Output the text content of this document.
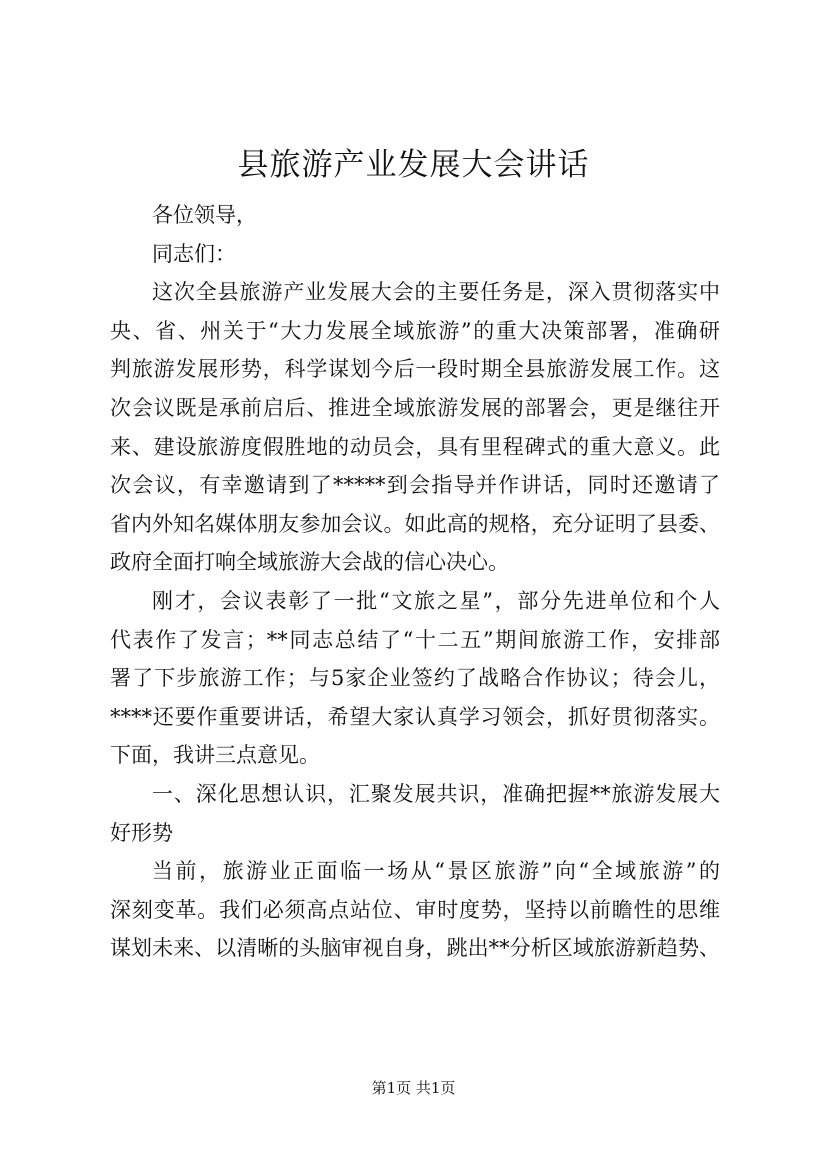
县旅游产业发展大会讲话
各位领导，
同志们：
这次全县旅游产业发展大会的主要任务是，深入贯彻落实中
央、省、州关于“大力发展全域旅游”的重大决策部署，准确研
判旅游发展形势，科学谋划今后一段时期全县旅游发展工作。这
次会议既是承前启后、推进全域旅游发展的部署会，更是继往开
来、建设旅游度假胜地的动员会，具有里程碑式的重大意义。此
次会议，有幸邀请到了*****到会指导并作讲话，同时还邀请了
省内外知名媒体朋友参加会议。如此高的规格，充分证明了县委、
政府全面打响全域旅游大会战的信心决心。
刚才，会议表彰了一批“文旅之星”，部分先进单位和个人
代表作了发言；**同志总结了“十二五”期间旅游工作，安排部
署了下步旅游工作；与5家企业签约了战略合作协议；待会儿，
****还要作重要讲话，希望大家认真学习领会，抓好贯彻落实。
下面，我讲三点意见。
一、深化思想认识，汇聚发展共识，准确把握**旅游发展大
好形势
当前，旅游业正面临一场从“景区旅游”向“全域旅游”的
深刻变革。我们必须高点站位、审时度势，坚持以前瞻性的思维
谋划未来、以清晰的头脑审视自身，跳出**分析区域旅游新趋势、
第1页 共1页
